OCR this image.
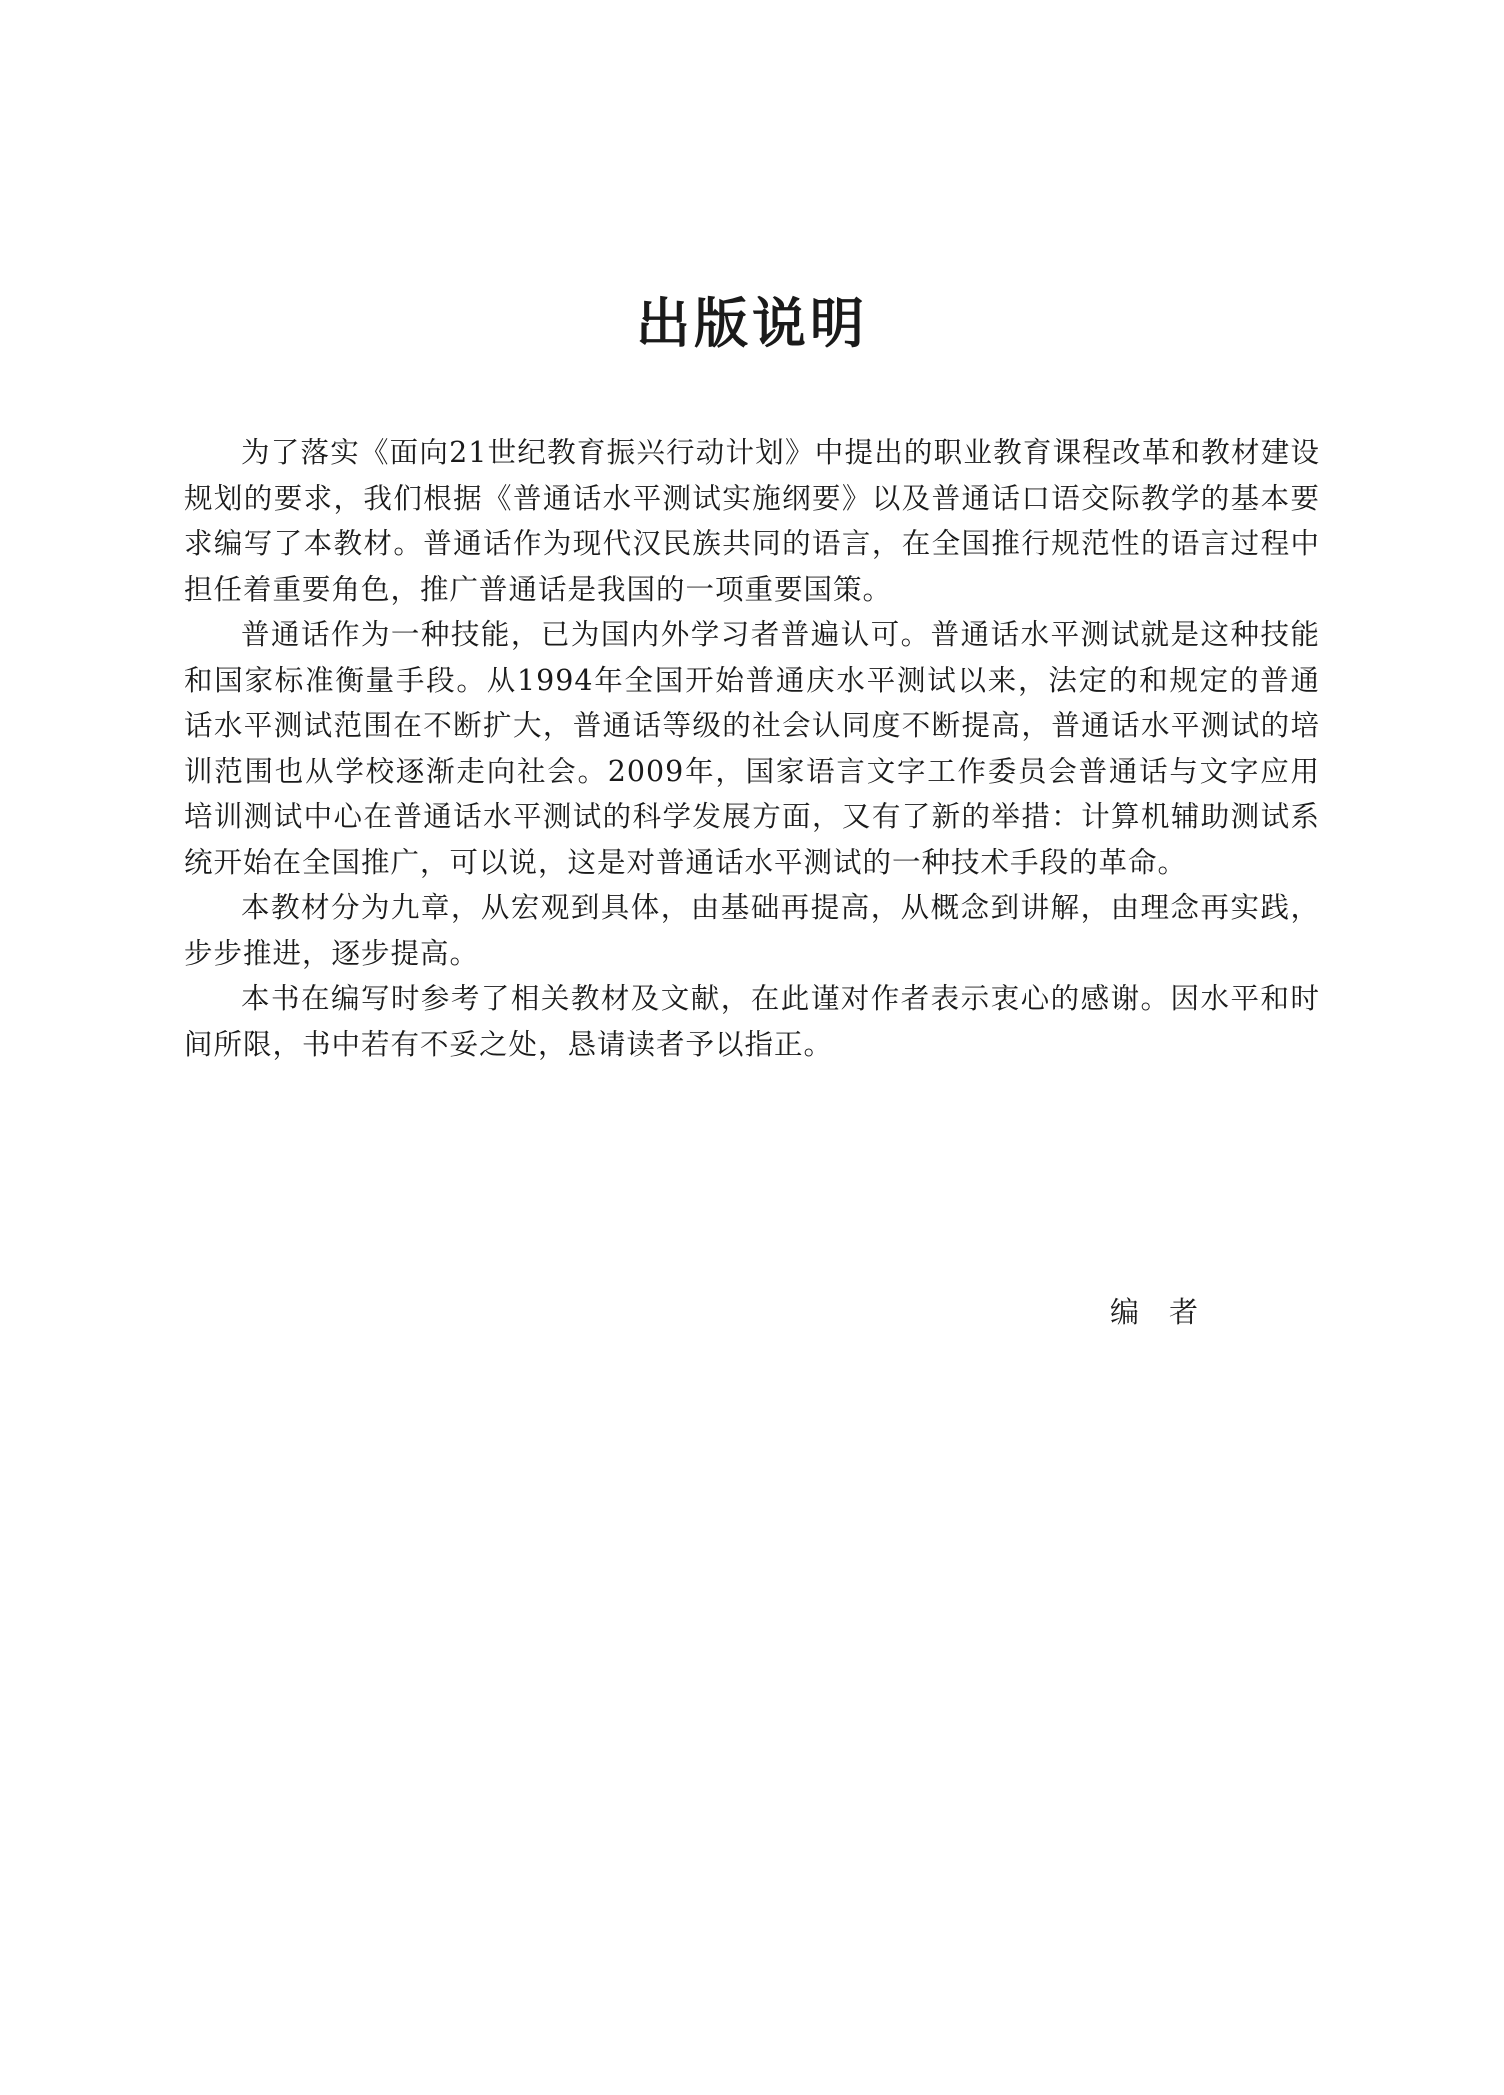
出版说明

为了落实《面向21世纪教育振兴行动计划》中提出的职业教育课程改革和教材建设规划的要求，我们根据《普通话水平测试实施纲要》以及普通话口语交际教学的基本要求编写了本教材。普通话作为现代汉民族共同的语言，在全国推行规范性的语言过程中担任着重要角色，推广普通话是我国的一项重要国策。

普通话作为一种技能，已为国内外学习者普遍认可。普通话水平测试就是这种技能和国家标准衡量手段。从1994年全国开始普通庆水平测试以来，法定的和规定的普通话水平测试范围在不断扩大，普通话等级的社会认同度不断提高，普通话水平测试的培训范围也从学校逐渐走向社会。2009年，国家语言文字工作委员会普通话与文字应用培训测试中心在普通话水平测试的科学发展方面，又有了新的举措：计算机辅助测试系统开始在全国推广，可以说，这是对普通话水平测试的一种技术手段的革命。

本教材分为九章，从宏观到具体，由基础再提高，从概念到讲解，由理念再实践，步步推进，逐步提高。

本书在编写时参考了相关教材及文献，在此谨对作者表示衷心的感谢。因水平和时间所限，书中若有不妥之处，恳请读者予以指正。

编者
